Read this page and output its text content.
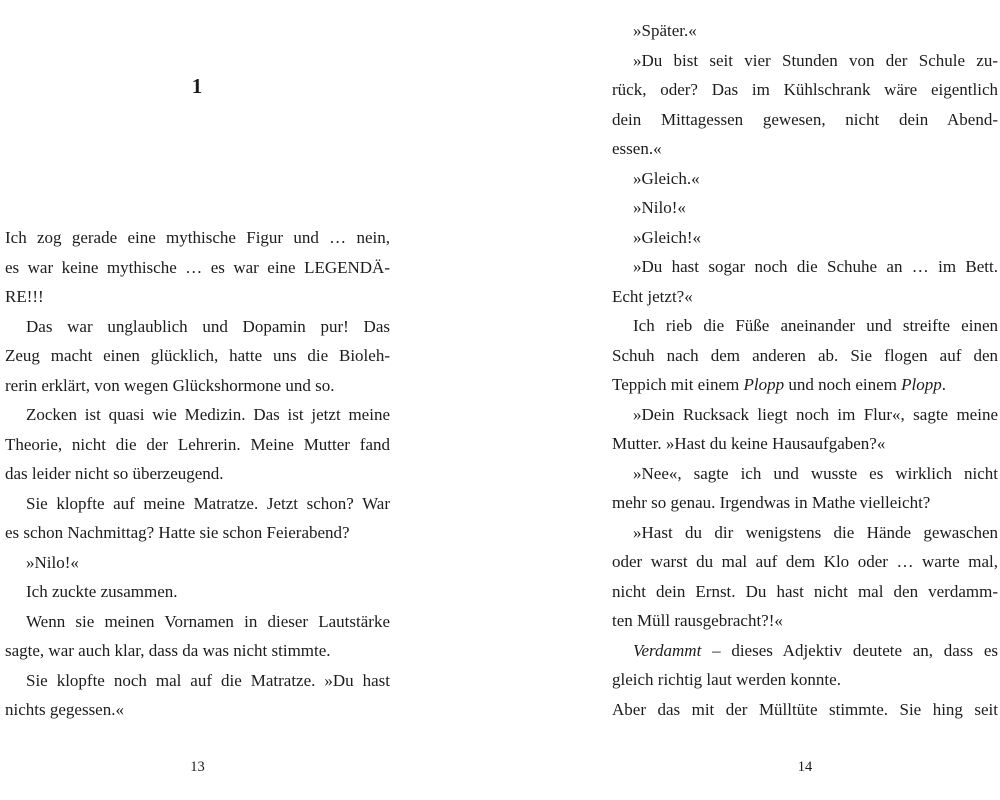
1
Ich zog gerade eine mythische Figur und … nein,
es war keine mythische … es war eine LEGENDÄ-
RE!!!
Das war unglaublich und Dopamin pur! Das
Zeug macht einen glücklich, hatte uns die Bioleh-
rerin erklärt, von wegen Glückshormone und so.
Zocken ist quasi wie Medizin. Das ist jetzt meine
Theorie, nicht die der Lehrerin. Meine Mutter fand
das leider nicht so überzeugend.
Sie klopfte auf meine Matratze. Jetzt schon? War
es schon Nachmittag? Hatte sie schon Feierabend?
»Nilo!«
Ich zuckte zusammen.
Wenn sie meinen Vornamen in dieser Lautstärke
sagte, war auch klar, dass da was nicht stimmte.
Sie klopfte noch mal auf die Matratze. »Du hast
nichts gegessen.«
13
»Später.«
»Du bist seit vier Stunden von der Schule zu-
rück, oder? Das im Kühlschrank wäre eigentlich
dein Mittagessen gewesen, nicht dein Abend-
essen.«
»Gleich.«
»Nilo!«
»Gleich!«
»Du hast sogar noch die Schuhe an … im Bett.
Echt jetzt?«
Ich rieb die Füße aneinander und streifte einen
Schuh nach dem anderen ab. Sie flogen auf den
Teppich mit einem Plopp und noch einem Plopp.
»Dein Rucksack liegt noch im Flur«, sagte meine
Mutter. »Hast du keine Hausaufgaben?«
»Nee«, sagte ich und wusste es wirklich nicht
mehr so genau. Irgendwas in Mathe vielleicht?
»Hast du dir wenigstens die Hände gewaschen
oder warst du mal auf dem Klo oder … warte mal,
nicht dein Ernst. Du hast nicht mal den verdamm-
ten Müll rausgebracht?!«
Verdammt – dieses Adjektiv deutete an, dass es
gleich richtig laut werden konnte.
Aber das mit der Mülltüte stimmte. Sie hing seit
14
